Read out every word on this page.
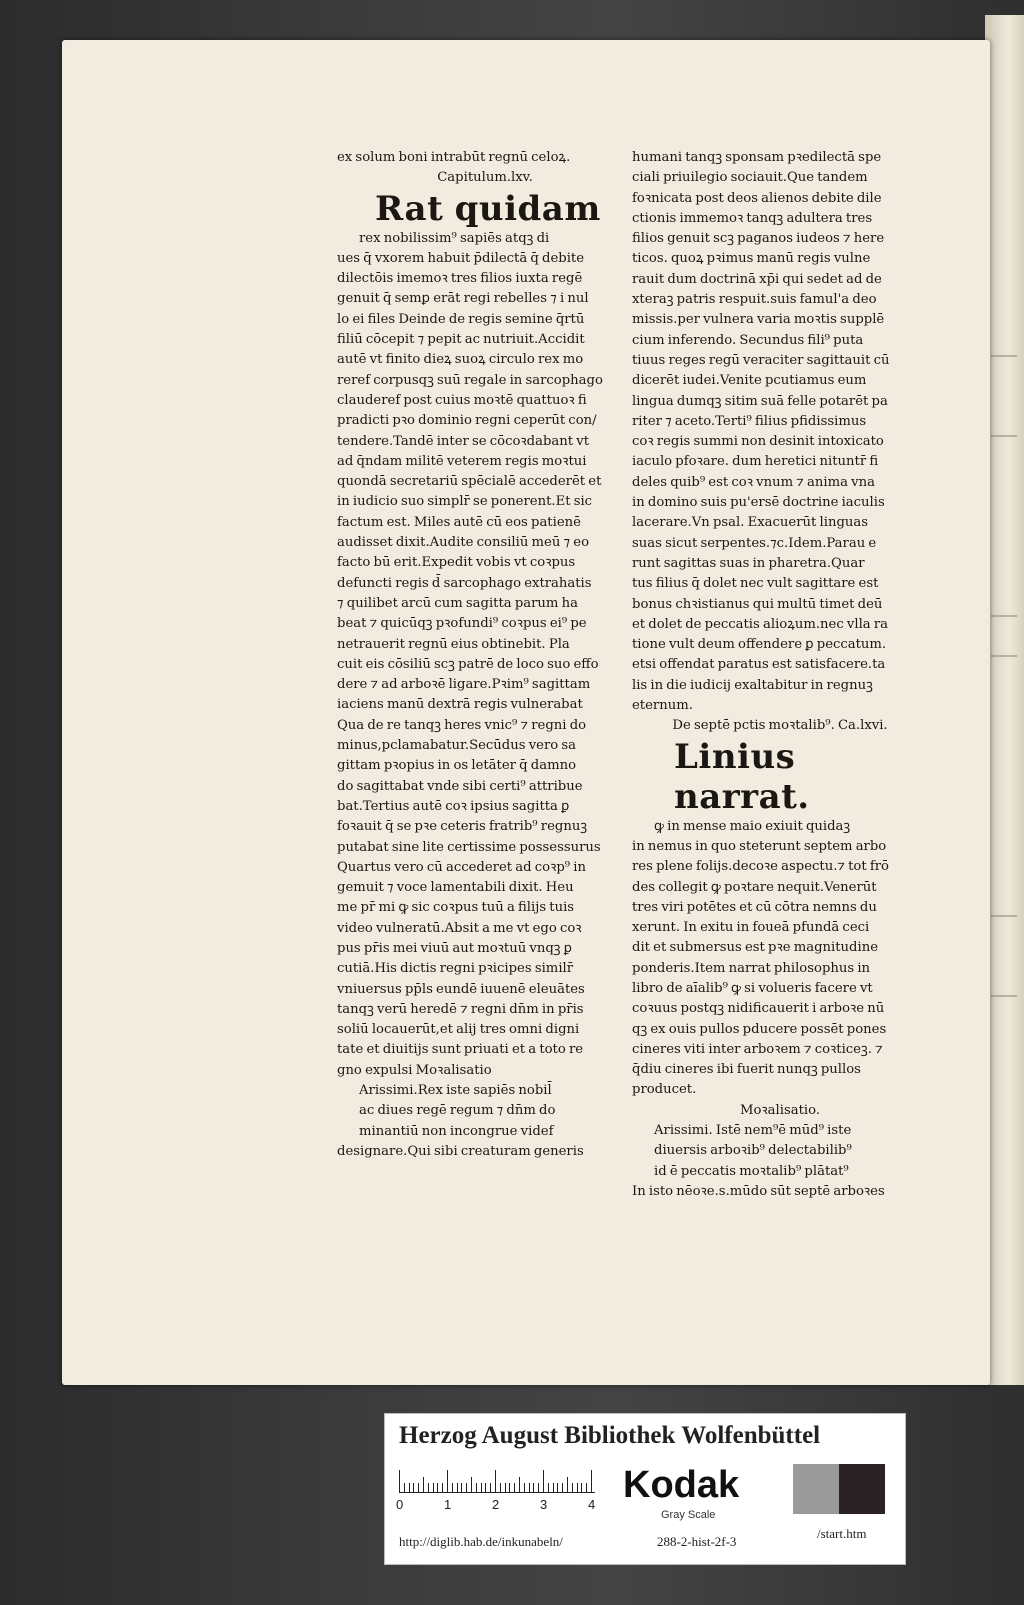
ex solum boni intrabūt regnū celoꝝ.
Capitulum.lxv.
Rat quidam
rex nobilissim⁹ sapiēs atqꝫ di
ues q̄ vxorem habuit p̄dilectā q̄ debite
dilectōis imemoꝛ tres filios iuxta regē
genuit q̄ semꝑ erāt regi rebelles ⁊ i nul
lo ei files Deinde de regis semine q̄rtū
filiū cōcepit ⁊ pepit ac nutriuit.Accidit
autē vt finito dieꝝ suoꝝ circulo rex mo
reref corpusqꝫ suū regale in sarcophago
clauderef post cuius moꝛtē quattuoꝛ fi
pradicti pꝛo dominio regni ceperūt con/
tendere.Tandē inter se cōcoꝛdabant vt
ad q̄ndam militē veterem regis moꝛtui
quondā secretariū spēcialē accederēt et
in iudicio suo simplr̄ se ponerent.Et sic
factum est. Miles autē cū eos patienē
audisset dixit.Audite consiliū meū ⁊ eo
facto bū erit.Expedit vobis vt coꝛpus
defuncti regis d̄ sarcophago extrahatis
⁊ quilibet arcū cum sagitta parum ha
beat ⁊ quicūqꝫ pꝛofundi⁹ coꝛpus ei⁹ pe
netrauerit regnū eius obtinebit. Pla
cuit eis cōsiliū scꝫ patrē de loco suo effo
dere ⁊ ad arboꝛē ligare.Pꝛim⁹ sagittam
iaciens manū dextrā regis vulnerabat
Qua de re tanqꝫ heres vnic⁹ ⁊ regni do
minus,pclamabatur.Secūdus vero sa
gittam pꝛopius in os letāter q̄ damno
do sagittabat vnde sibi certi⁹ attribue
bat.Tertius autē coꝛ ipsius sagitta ꝑ
foꝛauit q̄ se pꝛe ceteris fratrib⁹ regnuꝫ
putabat sine lite certissime possessurus
Quartus vero cū accederet ad coꝛp⁹ in
gemuit ⁊ voce lamentabili dixit. Heu
me pr̄ mi ꝙ sic coꝛpus tuū a filijs tuis
video vulneratū.Absit a me vt ego coꝛ
pus pr̄is mei viuū aut moꝛtuū vnqꝫ ꝑ
cutiā.His dictis regni pꝛicipes similr̄
vniuersus pp̄ls eundē iuuenē eleuātes
tanqꝫ verū heredē ⁊ regni dn̄m in pr̄is
soliū locauerūt,et alij tres omni digni
tate et diuitijs sunt priuati et a toto re
gno expulsi Moꝛalisatio
Arissimi.Rex iste sapiēs nobil̄
ac diues regē regum ⁊ dn̄m do
minantiū non incongrue videf
designare.Qui sibi creaturam generis
humani tanqꝫ sponsam pꝛedilectā spe
ciali priuilegio sociauit.Que tandem
foꝛnicata post deos alienos debite dile
ctionis immemoꝛ tanqꝫ adultera tres
filios genuit scꝫ paganos iudeos ⁊ here
ticos. quoꝝ pꝛimus manū regis vulne
rauit dum doctrinā xp̄i qui sedet ad de
xteraꝫ patris respuit.suis famul'a deo
missis.per vulnera varia moꝛtis supplē
cium inferendo. Secundus fili⁹ puta
tiuus reges regū veraciter sagittauit cū
dicerēt iudei.Venite pcutiamus eum
lingua dumqꝫ sitim suā felle potarēt pa
riter ⁊ aceto.Terti⁹ filius pfidissimus
coꝛ regis summi non desinit intoxicato
iaculo pfoꝛare. dum heretici nituntr̄ fi
deles quib⁹ est coꝛ vnum ⁊ anima vna
in domino suis pu'ersē doctrine iaculis
lacerare.Vn psal. Exacuerūt linguas
suas sicut serpentes.⁊c.Idem.Parau e
runt sagittas suas in pharetra.Quar
tus filius q̄ dolet nec vult sagittare est
bonus chꝛistianus qui multū timet deū
et dolet de peccatis alioꝝum.nec vlla ra
tione vult deum offendere ꝑ peccatum.
etsi offendat paratus est satisfacere.ta
lis in die iudicij exaltabitur in regnuꝫ
eternum.
De septē pctis moꝛtalib⁹. Ca.lxvi.
Linius narrat.
ꝙ in mense maio exiuit quidaꝫ
in nemus in quo steterunt septem arbo
res plene folijs.decoꝛe aspectu.⁊ tot frō
des collegit ꝙ poꝛtare nequit.Venerūt
tres viri potētes et cū cōtra nemns du
xerunt. In exitu in foueā pfundā ceci
dit et submersus est pꝛe magnitudine
ponderis.Item narrat philosophus in
libro de aīalib⁹ ꝙ si volueris facere vt
coꝛuus postqꝫ nidificauerit i arboꝛe nū
qꝫ ex ouis pullos pducere possēt pones
cineres viti inter arboꝛem ⁊ coꝛticeꝫ. ⁊
q̄diu cineres ibi fuerit nunqꝫ pullos
producet.
Moꝛalisatio.
Arissimi. Istē nem⁹ē mūd⁹ iste
diuersis arboꝛib⁹ delectabilib⁹
id ē peccatis moꝛtalib⁹ plātat⁹
In isto nēoꝛe.s.mūdo sūt septē arboꝛes
Herzog August Bibliothek Wolfenbüttel
0	1	2	3	4 Kodak
Gray Scale
http://diglib.hab.de/inkunabeln/	288-2-hist-2f-3
/start.htm
